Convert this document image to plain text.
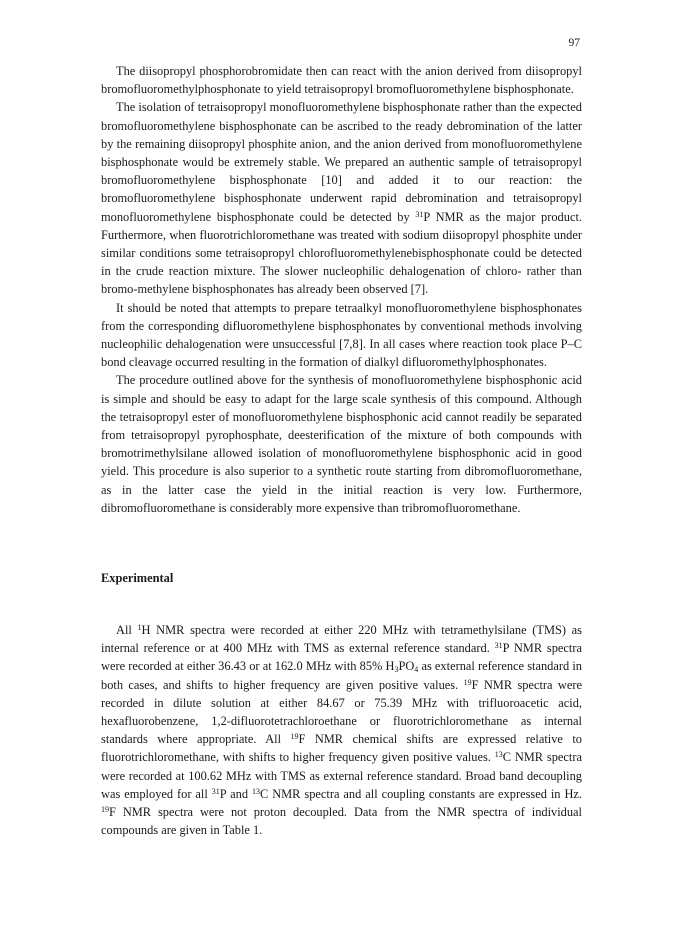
97

The diisopropyl phosphorobromidate then can react with the anion derived from diisopropyl bromofluoromethylphosphonate to yield tetraisopropyl bromofluoromethylene bisphosphonate.

The isolation of tetraisopropyl monofluoromethylene bisphosphonate rather than the expected bromofluoromethylene bisphosphonate can be ascribed to the ready debromination of the latter by the remaining diisopropyl phosphite anion, and the anion derived from monofluoromethylene bisphosphonate would be extremely stable. We prepared an authentic sample of tetraisopropyl bromofluoromethylene bisphosphonate [10] and added it to our reaction: the bromofluoromethylene bisphosphonate underwent rapid debromination and tetraisopropyl monofluoromethylene bisphosphonate could be detected by $^{31}$P NMR as the major product. Furthermore, when fluorotrichloromethane was treated with sodium diisopropyl phosphite under similar conditions some tetraisopropyl chlorofluoromethylenebisphosphonate could be detected in the crude reaction mixture. The slower nucleophilic dehalogenation of chloro- rather than bromo-methylene bisphosphonates has already been observed [7].

It should be noted that attempts to prepare tetraalkyl monofluoromethylene bisphosphonates from the corresponding difluoromethylene bisphosphonates by conventional methods involving nucleophilic dehalogenation were unsuccessful [7,8]. In all cases where reaction took place P–C bond cleavage occurred resulting in the formation of dialkyl difluoromethylphosphonates.

The procedure outlined above for the synthesis of monofluoromethylene bisphosphonic acid is simple and should be easy to adapt for the large scale synthesis of this compound. Although the tetraisopropyl ester of monofluoromethylene bisphosphonic acid cannot readily be separated from tetraisopropyl pyrophosphate, deesterification of the mixture of both compounds with bromotrimethylsilane allowed isolation of monofluoromethylene bisphosphonic acid in good yield. This procedure is also superior to a synthetic route starting from dibromofluoromethane, as in the latter case the yield in the initial reaction is very low. Furthermore, dibromofluoromethane is considerably more expensive than tribromofluoromethane.

Experimental

All $^1$H NMR spectra were recorded at either 220 MHz with tetramethylsilane (TMS) as internal reference or at 400 MHz with TMS as external reference standard. $^{31}$P NMR spectra were recorded at either 36.43 or at 162.0 MHz with 85% $H_3PO_4$ as external reference standard in both cases, and shifts to higher frequency are given positive values. $^{19}$F NMR spectra were recorded in dilute solution at either 84.67 or 75.39 MHz with trifluoroacetic acid, hexafluorobenzene, 1,2-difluorotetrachloroethane or fluorotrichloromethane as internal standards where appropriate. All $^{19}$F NMR chemical shifts are expressed relative to fluorotrichloromethane, with shifts to higher frequency given positive values. $^{13}$C NMR spectra were recorded at 100.62 MHz with TMS as external reference standard. Broad band decoupling was employed for all $^{31}$P and $^{13}$C NMR spectra and all coupling constants are expressed in Hz. $^{19}$F NMR spectra were not proton decoupled. Data from the NMR spectra of individual compounds are given in Table 1.
